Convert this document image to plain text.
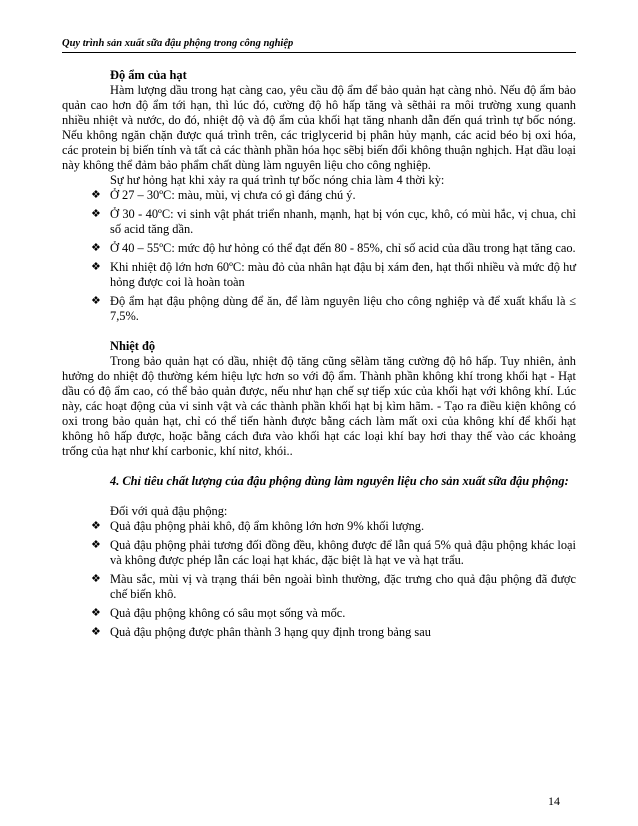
Quy trình sản xuất sữa đậu phộng trong công nghiệp

Độ ẩm của hạt

Hàm lượng dầu trong hạt càng cao, yêu cầu độ ẩm để bảo quản hạt càng nhỏ. Nếu độ ẩm bảo quản cao hơn độ ẩm tới hạn, thì lúc đó, cường độ hô hấp tăng và sẽthải ra môi trường xung quanh nhiều nhiệt và nước, do đó, nhiệt độ và độ ẩm của khối hạt tăng nhanh dẫn đến quá trình tự bốc nóng. Nếu không ngăn chặn được quá trình trên, các triglycerid bị phân hủy mạnh, các acid béo bị oxi hóa, các protein bị biến tính và tất cả các thành phần hóa học sẽbị biến đổi không thuận nghịch. Hạt dầu loại này không thể đảm bảo phẩm chất dùng làm nguyên liệu cho công nghiệp.

Sự hư hỏng hạt khi xảy ra quá trình tự bốc nóng chia làm 4 thời kỳ:

❖ Ở 27 – 30ºC: màu, mùi, vị chưa có gì đáng chú ý.
❖ Ở 30 - 40ºC: vi sinh vật phát triển nhanh, mạnh, hạt bị vón cục, khô, có mùi hắc, vị chua, chỉ số acid tăng dần.
❖ Ở 40 – 55ºC: mức độ hư hỏng có thể đạt đến 80 - 85%, chỉ số acid của dầu trong hạt tăng cao.
❖ Khi nhiệt độ lớn hơn 60ºC: màu đỏ của nhân hạt đậu bị xám đen, hạt thối nhiều và mức độ hư hỏng được coi là hoàn toàn
❖ Độ ẩm hạt đậu phộng dùng để ăn, để làm nguyên liệu cho công nghiệp và để xuất khẩu là ≤ 7,5%.

Nhiệt độ

Trong bảo quản hạt có dầu, nhiệt độ tăng cũng sẽlàm tăng cường độ hô hấp. Tuy nhiên, ảnh hưởng do nhiệt độ thường kém hiệu lực hơn so với độ ẩm. Thành phần không khí trong khối hạt - Hạt dầu có độ ẩm cao, có thể bảo quản được, nếu như hạn chế sự tiếp xúc của khối hạt với không khí. Lúc này, các hoạt động của vi sinh vật và các thành phần khối hạt bị kìm hãm. - Tạo ra điều kiện không có oxi trong bảo quản hạt, chỉ có thể tiến hành được bằng cách làm mất oxi của không khí để khối hạt không hô hấp được, hoặc bằng cách đưa vào khối hạt các loại khí bay hơi thay thế vào các khoảng trống của hạt như khí carbonic, khí nitơ, khói..

4. Chỉ tiêu chất lượng của đậu phộng dùng làm nguyên liệu cho sản xuất sữa đậu phộng:

Đối với quả đậu phộng:

❖ Quả đậu phộng phải khô, độ ẩm không lớn hơn 9% khối lượng.
❖ Quả đậu phộng phải tương đối đồng đều, không được để lẫn quá 5% quả đậu phộng khác loại và không được phép lẫn các loại hạt khác, đặc biệt là hạt ve và hạt trẩu.
❖ Màu sắc, mùi vị và trạng thái bên ngoài bình thường, đặc trưng cho quả đậu phộng đã được chế biến khô.
❖ Quả đậu phộng không có sâu mọt sống và mốc.
❖ Quả đậu phộng được phân thành 3 hạng quy định trong bảng sau
14
